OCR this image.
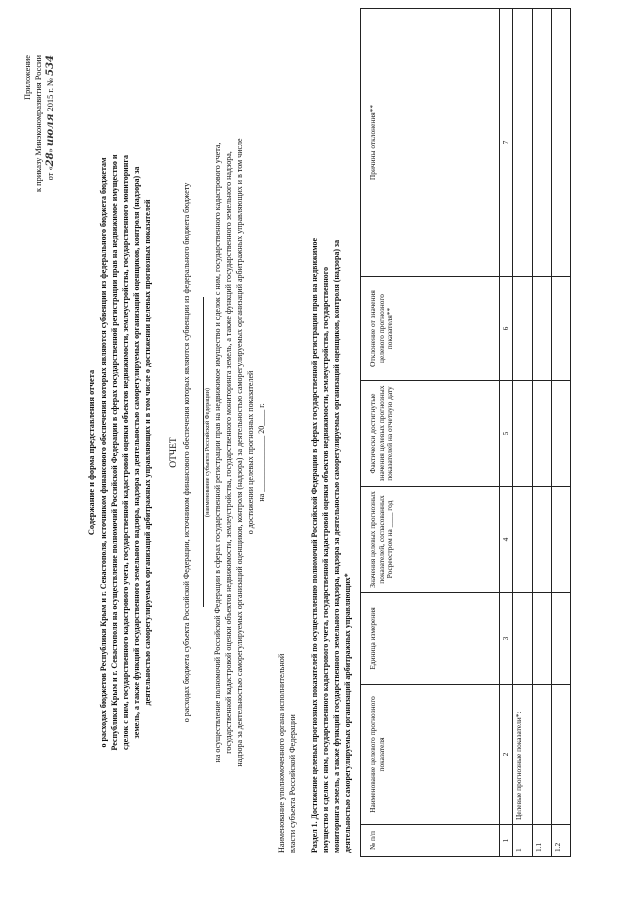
Приложение к приказу Минэкономразвития России от «28» июля 2015 г. № 534
Содержание и форма представления отчета о расходах бюджетов Республики Крым и г. Севастополя, источником финансового обеспечения которых являются субвенции из федерального бюджета бюджетам Республики Крым и г. Севастополя на осуществление полномочий Российской Федерации в сферах государственной регистрации прав на недвижимое имущество и сделок с ним, государственного кадастрового учета, государственной кадастровой оценки объектов недвижимости, землеустройства, государственного мониторинга земель, а также функций государственного земельного надзора, надзора за деятельностью саморегулируемых организаций оценщиков, контроля (надзора) за деятельностью саморегулируемых организаций арбитражных управляющих и в том числе о достижении целевых прогнозных показателей ОТЧЕТ о расходах бюджета субъекта Российской Федерации, источником финансового обеспечения которых являются субвенции из федерального бюджета бюджету (наименование субъекта Российской Федерации) на осуществление полномочий Российской Федерации в сферах государственной регистрации прав на недвижимое имущество и сделок с ним, государственного кадастрового учета, государственной кадастровой оценки объектов недвижимости, землеустройства, государственного мониторинга земель, а также функций государственного земельного надзора, надзора за деятельностью саморегулируемых организаций оценщиков, контроля (надзора) за деятельностью саморегулируемых организаций арбитражных управляющих и в том числе о достижении целевых прогнозных показателей на ______________ 20____ г.
Наименование уполномоченного органа исполнительной власти субъекта Российской Федерации Раздел 1. Достижение целевых прогнозных показателей по осуществлению полномочий Российской Федерации в сферах государственной регистрации прав на недвижимое имущество и сделок с ним, государственного кадастрового учета, государственной кадастровой оценки объектов недвижимости, землеустройства, государственного мониторинга земель, а также функций государственного земельного надзора, надзора за деятельностью саморегулируемых организаций оценщиков, контроля (надзора) за деятельностью саморегулируемых организаций арбитражных управляющих* № п/п	Наименование целевого прогнозного показателя	Единица измерения	Значения целевых прогнозных показателей, согласованных Росреестром на ____ год	Фактически достигнутые значения целевых прогнозных показателей на отчетную дату	Отклонение от значения целевого прогнозного показателя**	Причины отклонения**
1	2	3	4	5	6	7
1	Целевые прогнозные показатели*:					
1.1						
1.2						
